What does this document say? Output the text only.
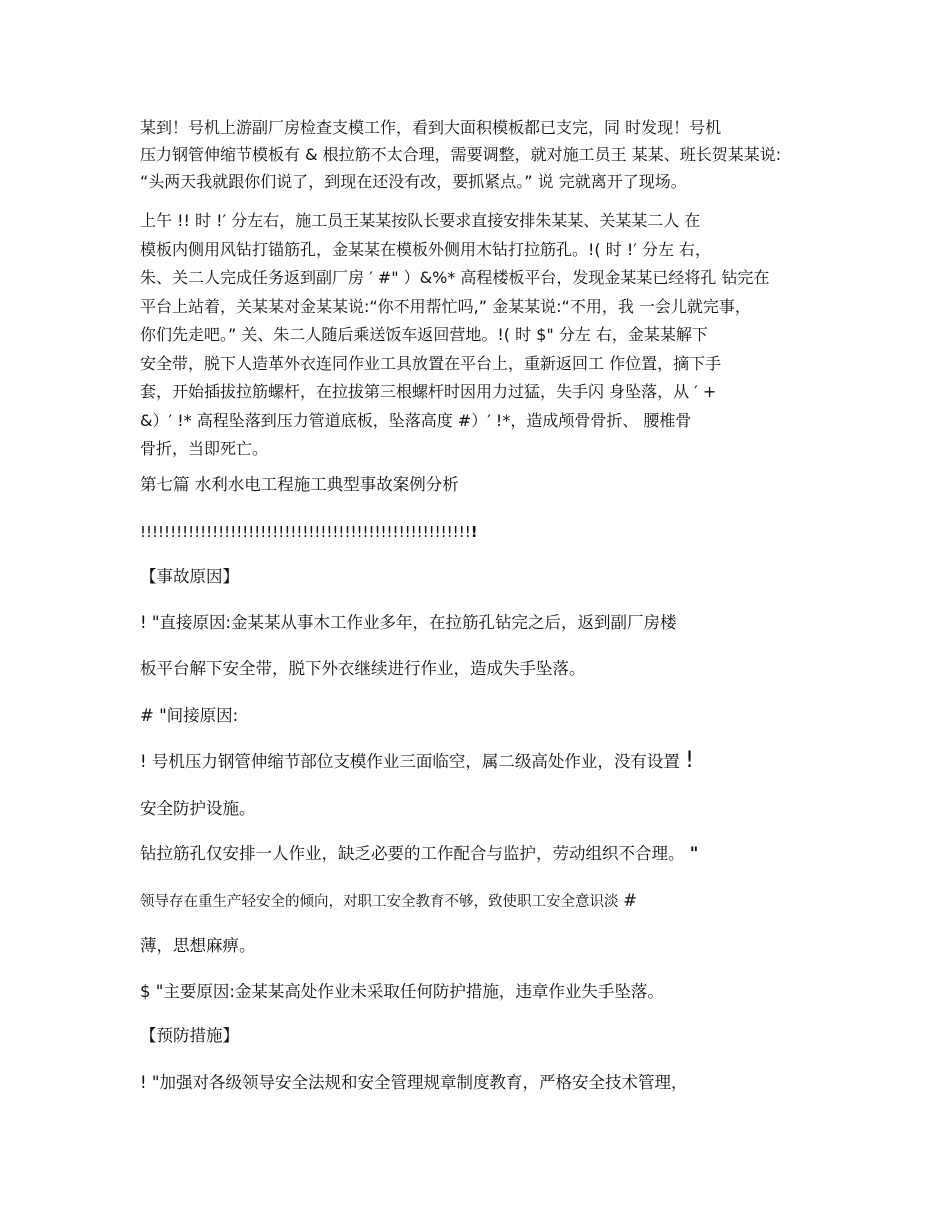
某到！号机上游副厂房检查支模工作，看到大面积模板都已支完，同 时发现！号机
压力钢管伸缩节模板有 & 根拉筋不太合理，需要调整，就对施工员王 某某、班长贺某某说:
“头两天我就跟你们说了，到现在还没有改，要抓紧点。” 说 完就离开了现场。
上午 !! 时 !′ 分左右，施工员王某某按队长要求直接安排朱某某、关某某二人 在
模板内侧用风钻打锚筋孔，金某某在模板外侧用木钻打拉筋孔。!( 时 !′ 分左 右，
朱、关二人完成任务返到副厂房 ′ #" ）&%* 高程楼板平台，发现金某某已经将孔 钻完在
平台上站着，关某某对金某某说:“你不用帮忙吗,” 金某某说:“不用，我 一会儿就完事，
你们先走吧。” 关、朱二人随后乘送饭车返回营地。!( 时 $" 分左 右，金某某解下
安全带，脱下人造革外衣连同作业工具放置在平台上，重新返回工 作位置，摘下手
套，开始插拔拉筋螺杆，在拉拔第三根螺杆时因用力过猛，失手闪 身坠落，从 ′ +
&）′ !* 高程坠落到压力管道底板，坠落高度 #）′ !*，造成颅骨骨折、 腰椎骨
骨折，当即死亡。
第七篇 水利水电工程施工典型事故案例分析
!!!!!!!!!!!!!!!!!!!!!!!!!!!!!!!!!!!!!!!!!!!!!!!!!!!!!!!!
【事故原因】
! "直接原因:金某某从事木工作业多年，在拉筋孔钻完之后，返到副厂房楼
板平台解下安全带，脱下外衣继续进行作业，造成失手坠落。
# "间接原因:
! 号机压力钢管伸缩节部位支模作业三面临空，属二级高处作业，没有设置 !
安全防护设施。
钻拉筋孔仅安排一人作业，缺乏必要的工作配合与监护，劳动组织不合理。 "
领导存在重生产轻安全的倾向，对职工安全教育不够，致使职工安全意识淡 #
薄，思想麻痹。
$ "主要原因:金某某高处作业未采取任何防护措施，违章作业失手坠落。
【预防措施】
! "加强对各级领导安全法规和安全管理规章制度教育，严格安全技术管理，
